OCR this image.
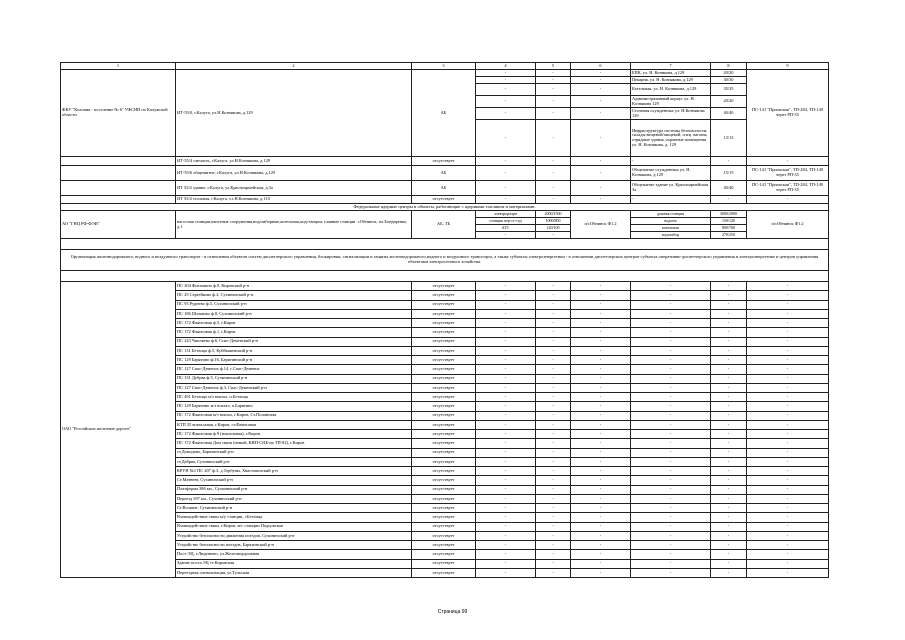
1	2	3	4	5	6	7	8	9
ФКУ "Колония - поселение № 6" УФСИН по Калужской области	ИТ-55/0, г.Калуга, ул.Н.Кознякова, д.129	АБ	-	-	-	БПК, ул. Н. Коннкова, д.129	20/20	ПС-141 "Приокская", ТП-284, ТП-149 через РП-35
			-	-	-	Пекарня, ул. Н. Козиякова, д.129	30/30	
			-	-	-	Котельная, ул. Н. Кознякова, д.129	35/35	
			-	-	-	Административный корпус ул. Н. Кознякова 129	20/20	
			-	-	-	Столовая осужденных ул. Н.Кознякова 129	40/40	
			-	-	-	Инфраструктура системы безопасности, склады вещевой/пищевой, спец. вагоны, отрядные здания, охранные помещения ул. Н. Кознякова, д. 129	13/13	
	ИТ-55/4 санчасть, г.Калуга, ул.Н.Кознякова, д.129	отсутствует	-	-	-	-	-	-
	ИТ-55/6 общежитие, г.Калуга, ул.Н.Кознякова, д.129	АБ	-	-	-	Общежитие осужденных ул. Н. Кознякова, д.129	15/15	ПС-141 "Приокская", ТП-284, ТП-149 через РП-35
	ИТ 55/4 здание, г.Калуга, ул.Красноармейская, д.3а	АБ	-	-	-	Общежитие здание ул. Красноармейская 3а	40/40	ПС-141 "Приокская", ТП-284, ТП-149 через РП-35
	ИТ 55/4 столовая, г.Калуга, т.з.Н.Кознякова, д.110	отсутствует	-	-	-	-	-	-
Федеральные ядерные центры и объекты, работающие с ядерными топливом и материалами.								
АО "ГНЦ РФ-ФЭИ"	насосная станция,очистные сооружения,водозаборные,котельная,подстанции, главные станции. г.Обнинск, пл.Бондаренко, д.1	АБ, ТБ	электроразрн	2000/1500	п/сОбнинск Ф1.2	дожная станция	3000/2900	п/сОбнинск Ф1.2
			станция пер-сг-сод	1000/800		водоем	150/120	
			АТС	120/100		котельная	800/700	
			-	-		водозабор	270/250	

Организация железнодорожного, водного и воздушного транспорта - в отношении объектов систем диспетчерского управления, блокировки, сигнализации и защиты железнодорожного,водного и воздушного транспорта, а также субъекты электроэнергетики - в отношении диспетчерских центров субъекта оперативно-диспетчерского управления в электроэнергетике и центров управления объектами электросетевого хозяйства.								

ОАО "Российские железные дороги"	ПС 204 Фиташино ф.9, Кировский р-н	отсутствует	-	-	-	-	-	-
	ПС 25 Сергейково ф.2, Сухиничский р-н	отсутствует	-	-	-	-	-	-
	ПС 93 Руднево ф.5, Сухиничский р-н	отсутствует	-	-	-	-	-	-
	ПС 186 Шлыково ф.8, Сухиничский р-н	отсутствует	-	-	-	-	-	-
	ПС 172 Фаянсовая ф.5, г.Киров	отсутствует	-	-	-	-	-	-
	ПС 172 Фаянсовая ф.1, г.Киров	отсутствует	-	-	-	-	-	-
	ПС 223 Чипляево ф.6, Спас-Деменский р-н	отсутствует	-	-	-	-	-	-
	ПС 131 Бетлица ф.5, Куйбышевский р-н	отсутствует	-	-	-	-	-	-
	ПС 129 Барятино ф.16, Барятинский р-н	отсутствует	-	-	-	-	-	-
	ПС 127 Спас-Деменск ф.14, г.Спас-Деменск	отсутствует	-	-	-	-	-	-
	ПС 131 Дубрва ф.5, Сухиничский р-н	отсутствует	-	-	-	-	-	-
	ПС 127 Спас-Деменск ф.3, Спас-Деменский р-н	отсутствует	-	-	-	-	-	-
	ПС 491 Бетлица м/з вокзал, п.Бетлица	отсутствует	-	-	-	-	-	-
	ПС 129 Барятино м/з вокзал, п.Барятино	отсутствует	-	-	-	-	-	-
	ПС 172 Фаянсовая м/з вокзал, г.Киров, Ст.Полинская	отсутствует	-	-	-	-	-	-
	КТП 35 вокзальная, г.Киров, ст.Фаянсовая	отсутствует	-	-	-	-	-	-
	ПС 172 Фаянсовая ф.9 (вокзальная), г.Киров	отсутствует	-	-	-	-	-	-
	ПС 172 Фаянсовая Дом связи (новый, КИП-СЦБ-на ТП-82), г.Киров	отсутствует	-	-	-	-	-	-
	ст.Домодово, Барятинский р-н	отсутствует	-	-	-	-	-	-
	ст.Дабрва, Сухиничский р-н	отсутствует	-	-	-	-	-	-
	КРУН №1 ПС 207 ф.3, д.Тербуны, Хвастовичский р-н	отсутствует	-	-	-	-	-	-
	Ст.Матвеев, Сухиничский р-н	отсутствует	-	-	-	-	-	-
	Платформа 386 км., Сухиничский р-н	отсутствует	-	-	-	-	-	-
	Переезд 397 км., Сухиничский р-н	отсутствует	-	-	-	-	-	-
	Ст.Волшне, Сухиничский р-н	отсутствует	-	-	-	-	-	-
	Взаимодействие связи м/у станции, г.Бетлица	отсутствует	-	-	-	-	-	-
	Взаимодействие связи, г.Киров, м/с станции Подцовская	отсутствует	-	-	-	-	-	-
	Устройство безопасности движения поездов, Сухиничский р-н	отсутствует	-	-	-	-	-	-
	Устройство безопасности поездов, Барятинский р-н	отсутствует	-	-	-	-	-	-
	Пост ЭЦ, г.Людиново, ул.Железнодорожная	отсутствует	-	-	-	-	-	-
	Здание поста ЭЦ ст.Кировская	отсутствует	-	-	-	-	-	-
	Переездная сигнализация, ул.Тульская	отсутствует	-	-	-	-	-	-
Страница 99
